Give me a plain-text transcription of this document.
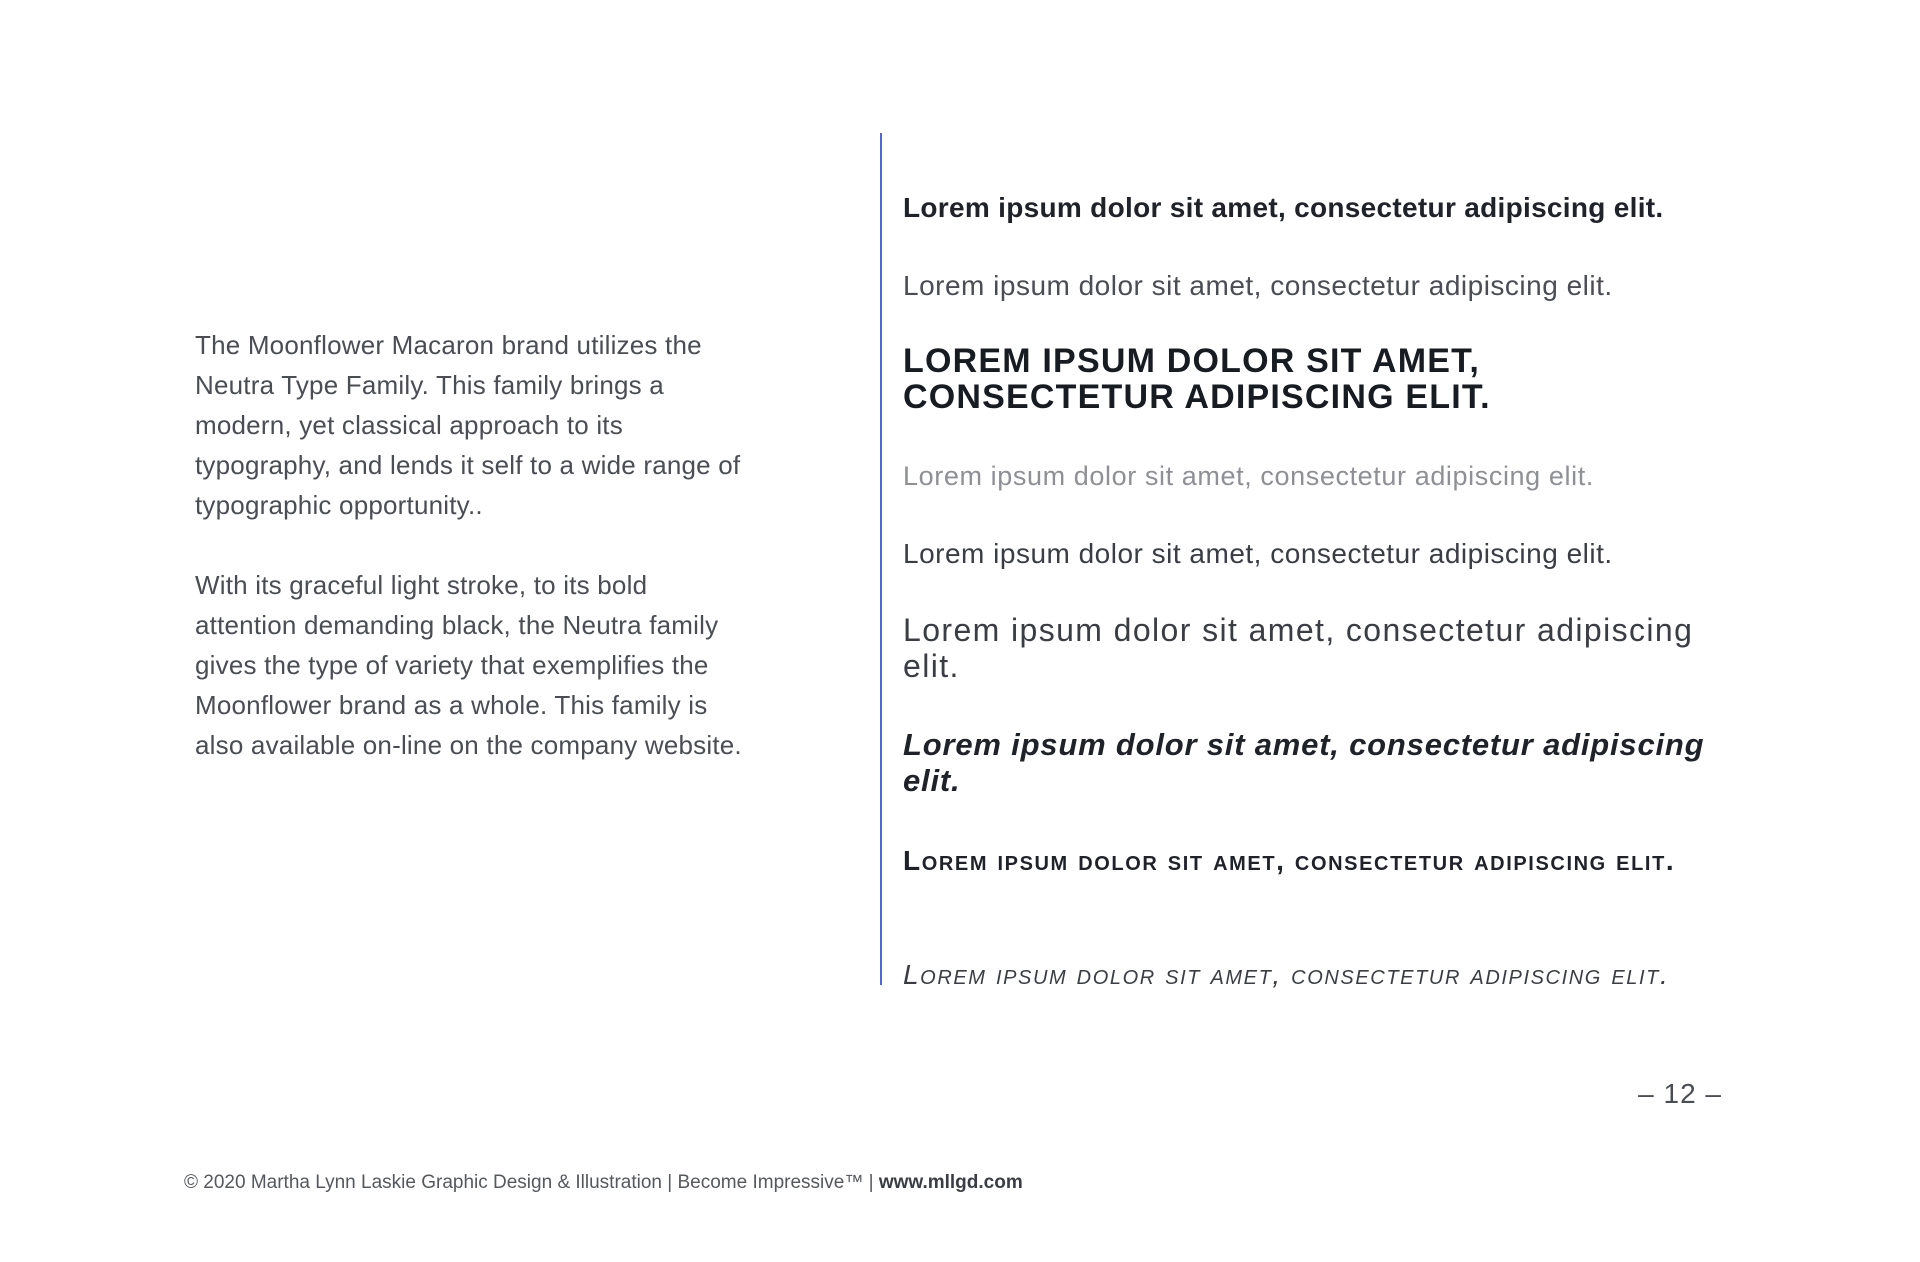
The Moonflower Macaron brand utilizes the Neutra Type Family. This family brings a modern, yet classical approach to its typography, and lends it self to a wide range of typographic opportunity..

With its graceful light stroke, to its bold attention demanding black, the Neutra family gives the type of variety that exemplifies the Moonflower brand as a whole. This family is also available on-line on the company website.

Lorem ipsum dolor sit amet, consectetur adipiscing elit.

Lorem ipsum dolor sit amet, consectetur adipiscing elit.

LOREM IPSUM DOLOR SIT AMET, CONSECTETUR ADIPISCING ELIT.

Lorem ipsum dolor sit amet, consectetur adipiscing elit.

Lorem ipsum dolor sit amet, consectetur adipiscing elit.

Lorem ipsum dolor sit amet, consectetur adipiscing elit.

Lorem ipsum dolor sit amet, consectetur adipiscing elit.

Lorem ipsum dolor sit amet, consectetur adipiscing elit.

Lorem ipsum dolor sit amet, consectetur adipiscing elit.

– 12 –
© 2020 Martha Lynn Laskie Graphic Design & Illustration | Become Impressive™ | www.mllgd.com
